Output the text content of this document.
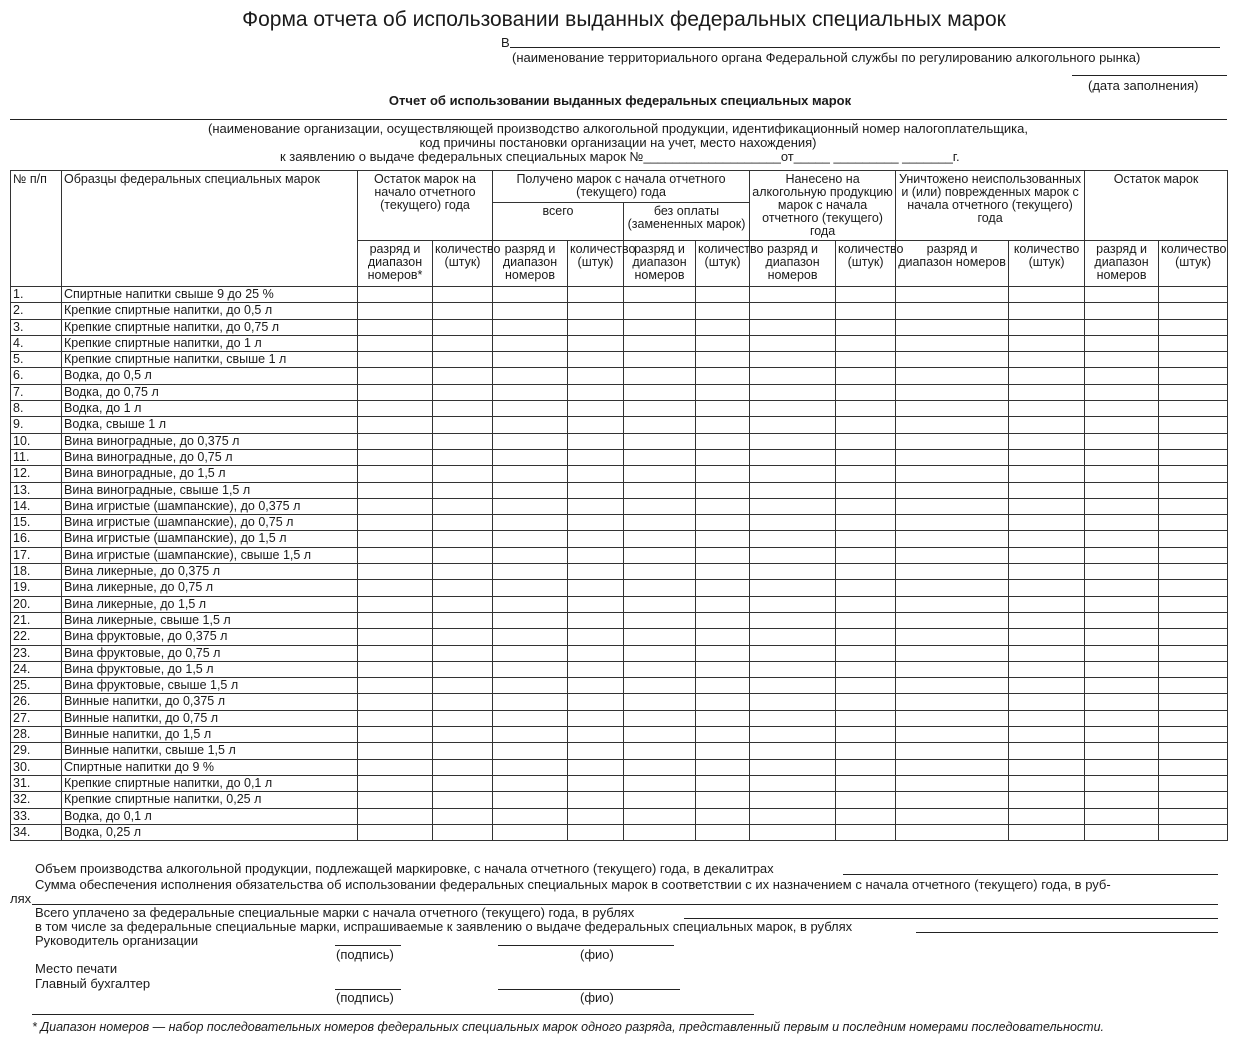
Форма отчета об использовании выданных федеральных специальных марок
В
(наименование территориального органа Федеральной службы по регулированию алкогольного рынка)
(дата заполнения)
Отчет об использовании выданных федеральных специальных марок
(наименование организации, осуществляющей производство алкогольной продукции, идентификационный номер налогоплательщика,
код причины постановки организации на учет, место нахождения)
к заявлению о выдаче федеральных специальных марок №___________________от_____ _________ _______г.
№ п/п	Образцы федеральных специальных марок	Остаток марок на начало отчетного (текущего) года		Получено марок с начала отчетного (текущего) года				Нанесено на алкогольную продукцию марок с начала отчетного (текущего) года		Уничтожено неиспользованных и (или) поврежденных марок с начала отчетного (текущего) года		Остаток марок	
				всего		без оплаты (замененных марок)							
		разряд и диапазон номеров*	количество (штук)	разряд и диапазон номеров	количество (штук)	разряд и диапазон номеров	количество (штук)	разряд и диапазон номеров	количество (штук)	разряд и диапазон номеров	количество (штук)	разряд и диапазон номеров	количество (штук)
1.	Спиртные напитки свыше 9 до 25 %												
2.	Крепкие спиртные напитки, до 0,5 л												
3.	Крепкие спиртные напитки, до 0,75 л												
4.	Крепкие спиртные напитки, до 1 л												
5.	Крепкие спиртные напитки, свыше 1 л												
6.	Водка, до 0,5 л												
7.	Водка, до 0,75 л												
8.	Водка, до 1 л												
9.	Водка, свыше 1 л												
10.	Вина виноградные, до 0,375 л												
11.	Вина виноградные, до 0,75 л												
12.	Вина виноградные, до 1,5 л												
13.	Вина виноградные, свыше 1,5 л												
14.	Вина игристые (шампанские), до 0,375 л												
15.	Вина игристые (шампанские), до 0,75 л												
16.	Вина игристые (шампанские), до 1,5 л												
17.	Вина игристые (шампанские), свыше 1,5 л												
18.	Вина ликерные, до 0,375 л												
19.	Вина ликерные, до 0,75 л												
20.	Вина ликерные, до 1,5 л												
21.	Вина ликерные, свыше 1,5 л												
22.	Вина фруктовые, до 0,375 л												
23.	Вина фруктовые, до 0,75 л												
24.	Вина фруктовые, до 1,5 л												
25.	Вина фруктовые, свыше 1,5 л												
26.	Винные напитки, до 0,375 л												
27.	Винные напитки, до 0,75 л												
28.	Винные напитки, до 1,5 л												
29.	Винные напитки, свыше 1,5 л												
30.	Спиртные напитки до 9 %												
31.	Крепкие спиртные напитки, до 0,1 л												
32.	Крепкие спиртные напитки, 0,25 л												
33.	Водка, до 0,1 л												
34.	Водка, 0,25 л												
Объем производства алкогольной продукции, подлежащей маркировке, с начала отчетного (текущего) года, в декалитрах
Сумма обеспечения исполнения обязательства об использовании федеральных специальных марок в соответствии с их назначением с начала отчетного (текущего) года, в руб-
лях
Всего уплачено за федеральные специальные марки с начала отчетного (текущего) года, в рублях
в том числе за федеральные специальные марки, испрашиваемые к заявлению о выдаче федеральных специальных марок, в рублях
Руководитель организации
(подпись)	(фио)
Место печати
Главный бухгалтер
(подпись)	(фио)
* Диапазон номеров — набор последовательных номеров федеральных специальных марок одного разряда, представленный первым и последним номерами последовательности.
